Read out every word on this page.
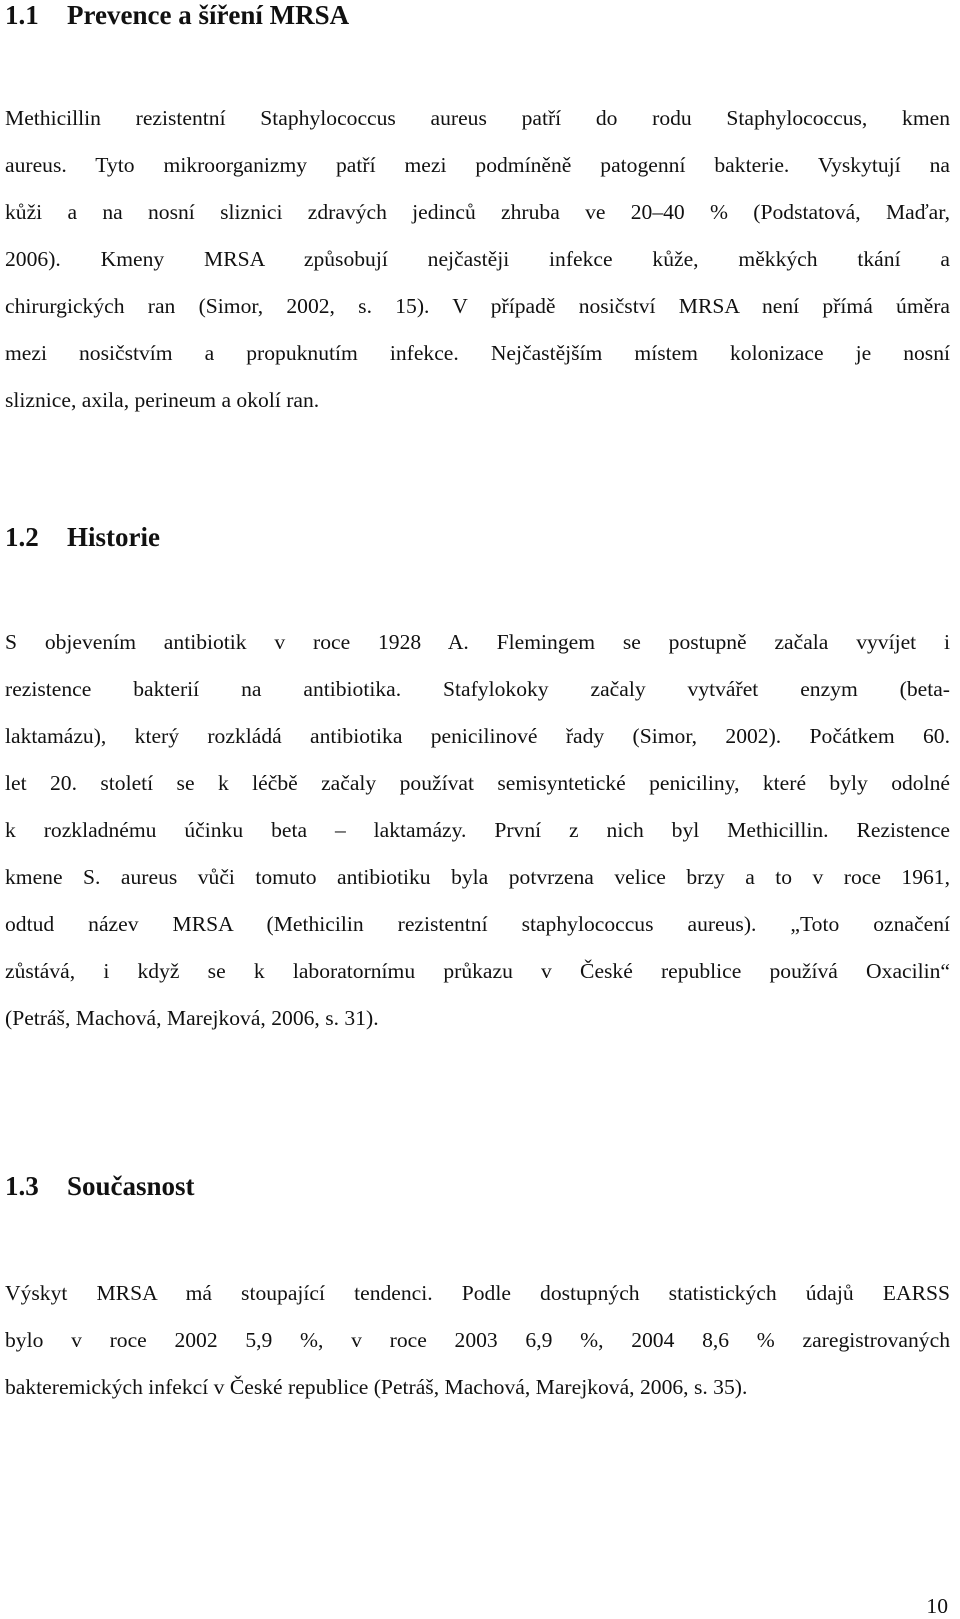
1.1 Prevence a šíření MRSA
Methicillin rezistentní Staphylococcus aureus patří do rodu Staphylococcus, kmen
aureus. Tyto mikroorganizmy patří mezi podmíněně patogenní bakterie. Vyskytují na
kůži a na nosní sliznici zdravých jedinců zhruba ve 20–40 % (Podstatová, Maďar,
2006). Kmeny MRSA způsobují nejčastěji infekce kůže, měkkých tkání a
chirurgických ran (Simor, 2002, s. 15). V případě nosičství MRSA není přímá úměra
mezi nosičstvím a propuknutím infekce. Nejčastějším místem kolonizace je nosní
sliznice, axila, perineum a okolí ran.
1.2 Historie
S objevením antibiotik v roce 1928 A. Flemingem se postupně začala vyvíjet i
rezistence bakterií na antibiotika. Stafylokoky začaly vytvářet enzym (beta-
laktamázu), který rozkládá antibiotika penicilinové řady (Simor, 2002). Počátkem 60.
let 20. století se k léčbě začaly používat semisyntetické peniciliny, které byly odolné
k rozkladnému účinku beta – laktamázy. První z nich byl Methicillin. Rezistence
kmene S. aureus vůči tomuto antibiotiku byla potvrzena velice brzy a to v roce 1961,
odtud název MRSA (Methicilin rezistentní staphylococcus aureus). „Toto označení
zůstává, i když se k laboratornímu průkazu v České republice používá Oxacilin“
(Petráš, Machová, Marejková, 2006, s. 31).
1.3 Současnost
Výskyt MRSA má stoupající tendenci. Podle dostupných statistických údajů EARSS
bylo v roce 2002 5,9 %, v roce 2003 6,9 %, 2004 8,6 % zaregistrovaných
bakteremických infekcí v České republice (Petráš, Machová, Marejková, 2006, s. 35).
10
